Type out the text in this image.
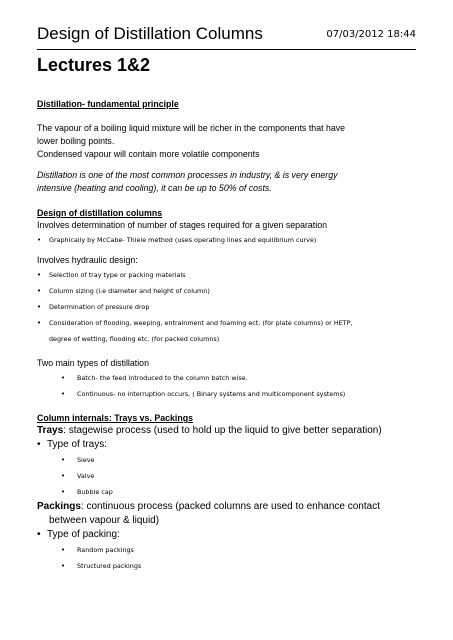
Design of Distillation Columns	07/03/2012 18:44
Lectures 1&2

Distillation- fundamental principle

The vapour of a boiling liquid mixture will be richer in the components that have

lower boiling points.

Condensed vapour will contain more volatile components

Distillation is one of the most common processes in industry, & is very energy

intensive (heating and cooling), it can be up to 50% of costs.

Design of distillation columns

Involves determination of number of stages required for a given separation

• Graphically by McCabe- Thiele method (uses operating lines and equilibrium curve)

Involves hydraulic design:

• Selection of tray type or packing materials
• Column sizing (i.e diameter and height of column)
• Determination of pressure drop
• Consideration of flooding, weeping, entrainment and foaming ect. (for plate columns) or HETP,

degree of wetting, flooding etc. (for packed columns)

Two main types of distillation

• Batch- the feed introduced to the column batch wise.
• Continuous- no interruption occurs, ( Binary systems and multicomponent systems)

Column internals: Trays vs. Packings

Trays: stagewise process (used to hold up the liquid to give better separation)

• Type of trays:
• Sieve
• Valve
• Bubble cap

Packings: continuous process (packed columns are used to enhance contact

between vapour & liquid)

• Type of packing:
• Random packings
• Structured packings
